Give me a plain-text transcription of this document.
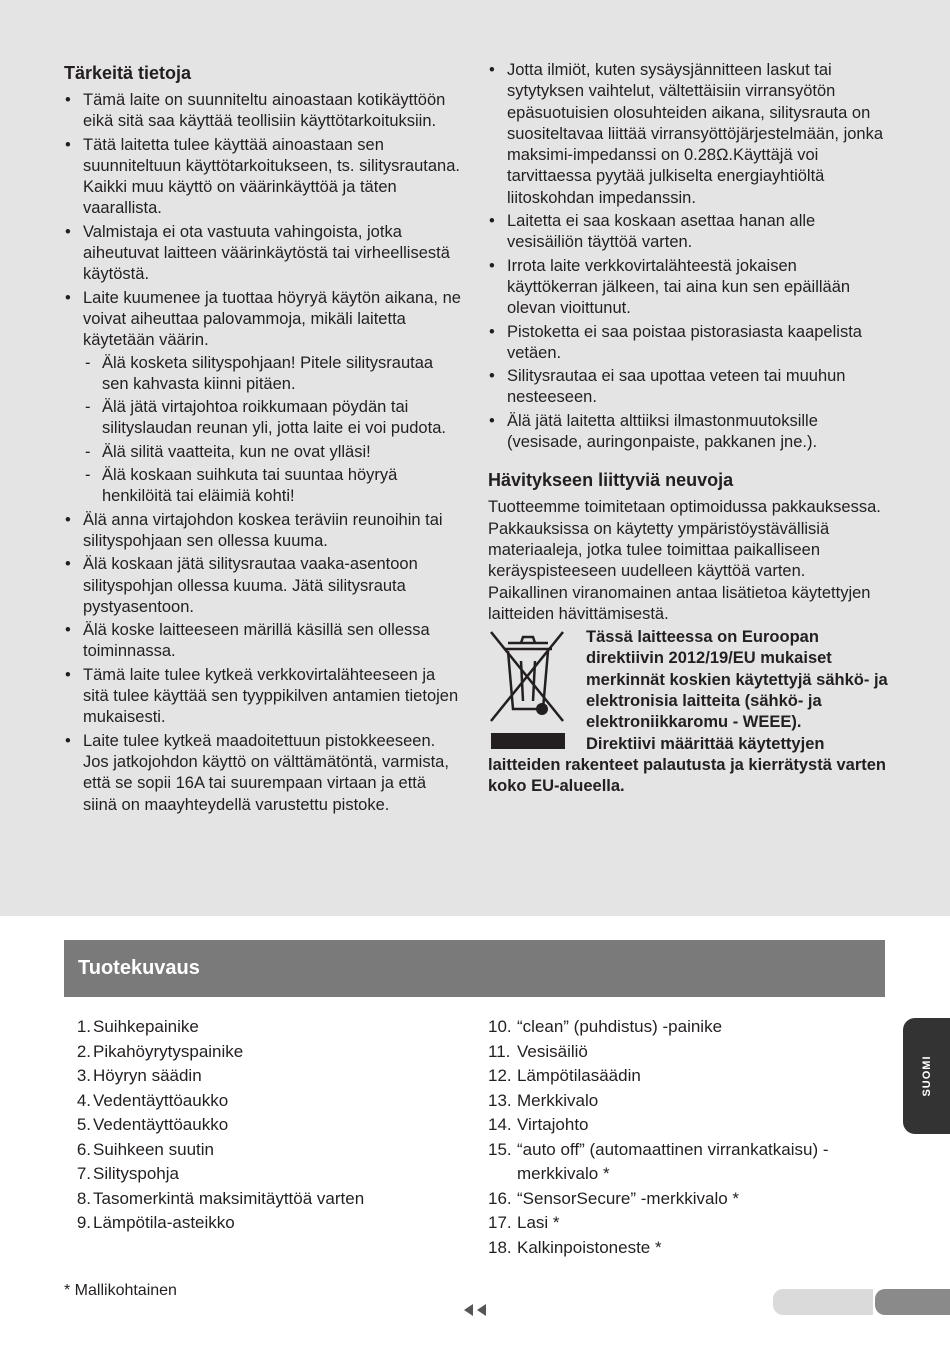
Tärkeitä tietoja
• Tämä laite on suunniteltu ainoastaan kotikäyttöön eikä sitä saa käyttää teollisiin käyttötarkoituksiin.
• Tätä laitetta tulee käyttää ainoastaan sen suunniteltuun käyttötarkoitukseen, ts. silitysrautana. Kaikki muu käyttö on väärinkäyttöä ja täten vaarallista.
• Valmistaja ei ota vastuuta vahingoista, jotka aiheutuvat laitteen väärinkäytöstä tai virheellisestä käytöstä.
• Laite kuumenee ja tuottaa höyryä käytön aikana, ne voivat aiheuttaa palovammoja, mikäli laitetta käytetään väärin.
- Älä kosketa silityspohjaan! Pitele silitysrautaa sen kahvasta kiinni pitäen.
- Älä jätä virtajohtoa roikkumaan pöydän tai silityslaudan reunan yli, jotta laite ei voi pudota.
- Älä silitä vaatteita, kun ne ovat ylläsi!
- Älä koskaan suihkuta tai suuntaa höyryä henkilöitä tai eläimiä kohti!
• Älä anna virtajohdon koskea teräviin reunoihin tai silityspohjaan sen ollessa kuuma.
• Älä koskaan jätä silitysrautaa vaaka-asentoon silityspohjan ollessa kuuma. Jätä silitysrauta pystyasentoon.
• Älä koske laitteeseen märillä käsillä sen ollessa toiminnassa.
• Tämä laite tulee kytkeä verkkovirtalähteeseen ja sitä tulee käyttää sen tyyppikilven antamien tietojen mukaisesti.
• Laite tulee kytkeä maadoitettuun pistokkeeseen. Jos jatkojohdon käyttö on välttämätöntä, varmista, että se sopii 16A tai suurempaan virtaan ja että siinä on maayhteydellä varustettu pistoke.
• Jotta ilmiöt, kuten sysäysjännitteen laskut tai sytytyksen vaihtelut, vältettäisiin virransyötön epäsuotuisien olosuhteiden aikana, silitysrauta on suositeltavaa liittää virransyöttöjärjestelmään, jonka maksimi-impedanssi on 0.28Ω.Käyttäjä voi tarvittaessa pyytää julkiselta energiayhtiöltä liitoskohdan impedanssin.
• Laitetta ei saa koskaan asettaa hanan alle vesisäiliön täyttöä varten.
• Irrota laite verkkovirtalähteestä jokaisen käyttökerran jälkeen, tai aina kun sen epäillään olevan vioittunut.
• Pistoketta ei saa poistaa pistorasiasta kaapelista vetäen.
• Silitysrautaa ei saa upottaa veteen tai muuhun nesteeseen.
• Älä jätä laitetta alttiiksi ilmastonmuutoksille (vesisade, auringonpaiste, pakkanen jne.).
Hävitykseen liittyviä neuvoja

Tuotteemme toimitetaan optimoidussa pakkauksessa. Pakkauksissa on käytetty ympäristöystävällisiä materiaaleja, jotka tulee toimittaa paikalliseen keräyspisteeseen uudelleen käyttöä varten. Paikallinen viranomainen antaa lisätietoa käytettyjen laitteiden hävittämisestä.

Tässä laitteessa on Euroopan direktiivin 2012/19/EU mukaiset merkinnät koskien käytettyjä sähkö- ja elektronisia laitteita (sähkö- ja elektroniikkaromu - WEEE).
Direktiivi määrittää käytettyjen
laitteiden rakenteet palautusta ja kierrätystä varten koko EU-alueella.
Tuotekuvaus
1. Suihkepainike
2. Pikahöyrytyspainike
3. Höyryn säädin
4. Vedentäyttöaukko
5. Vedentäyttöaukko
6. Suihkeen suutin
7. Silityspohja
8. Tasomerkintä maksimitäyttöä varten
9. Lämpötila-asteikko
10. “clean” (puhdistus) -painike
11. Vesisäiliö
12. Lämpötilasäädin
13. Merkkivalo
14. Virtajohto
15. “auto off” (automaattinen virrankatkaisu) -merkkivalo *
16. “SensorSecure” -merkkivalo *
17. Lasi *
18. Kalkinpoistoneste *
* Mallikohtainen
SUOMI
